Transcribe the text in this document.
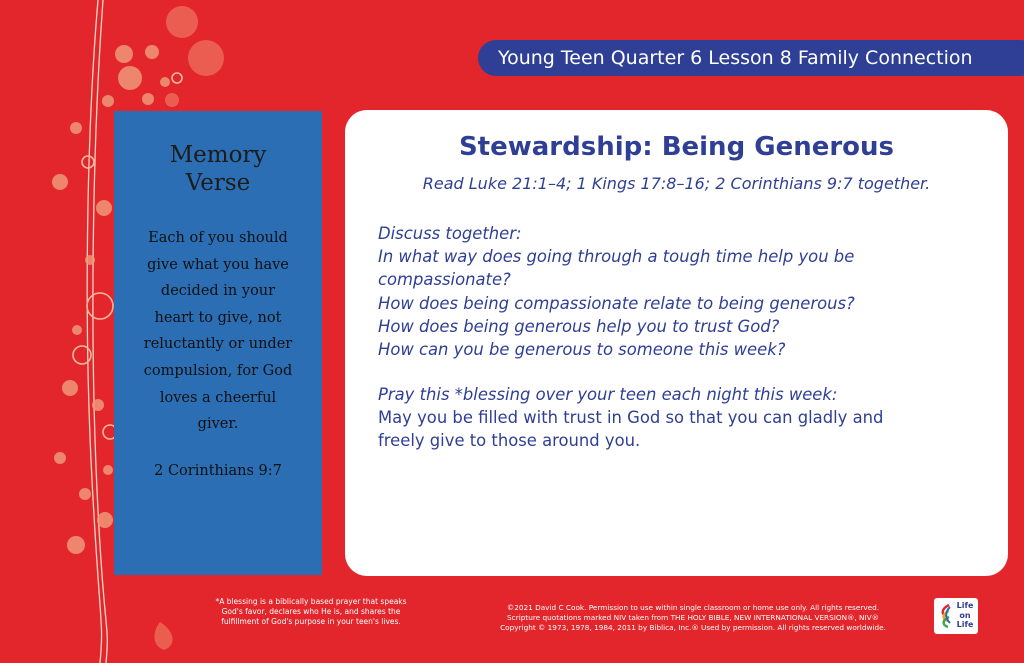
Young Teen Quarter 6 Lesson 8 Family Connection
Memory
Verse
Each of you should
give what you have
decided in your
heart to give, not
reluctantly or under
compulsion, for God
loves a cheerful
giver.
2 Corinthians 9:7
Stewardship: Being Generous
Read Luke 21:1–4; 1 Kings 17:8–16; 2 Corinthians 9:7 together.
Discuss together:
In what way does going through a tough time help you be
compassionate?
How does being compassionate relate to being generous?
How does being generous help you to trust God?
How can you be generous to someone this week?
Pray this *blessing over your teen each night this week:
May you be filled with trust in God so that you can gladly and
freely give to those around you.
*A blessing is a biblically based prayer that speaks
God's favor, declares who He is, and shares the
fulfillment of God's purpose in your teen's lives.
©2021 David C Cook. Permission to use within single classroom or home use only. All rights reserved.
Scripture quotations marked NIV taken from THE HOLY BIBLE, NEW INTERNATIONAL VERSION®, NIV®
Copyright © 1973, 1978, 1984, 2011 by Biblica, Inc.® Used by permission. All rights reserved worldwide.
Life
on
Life
